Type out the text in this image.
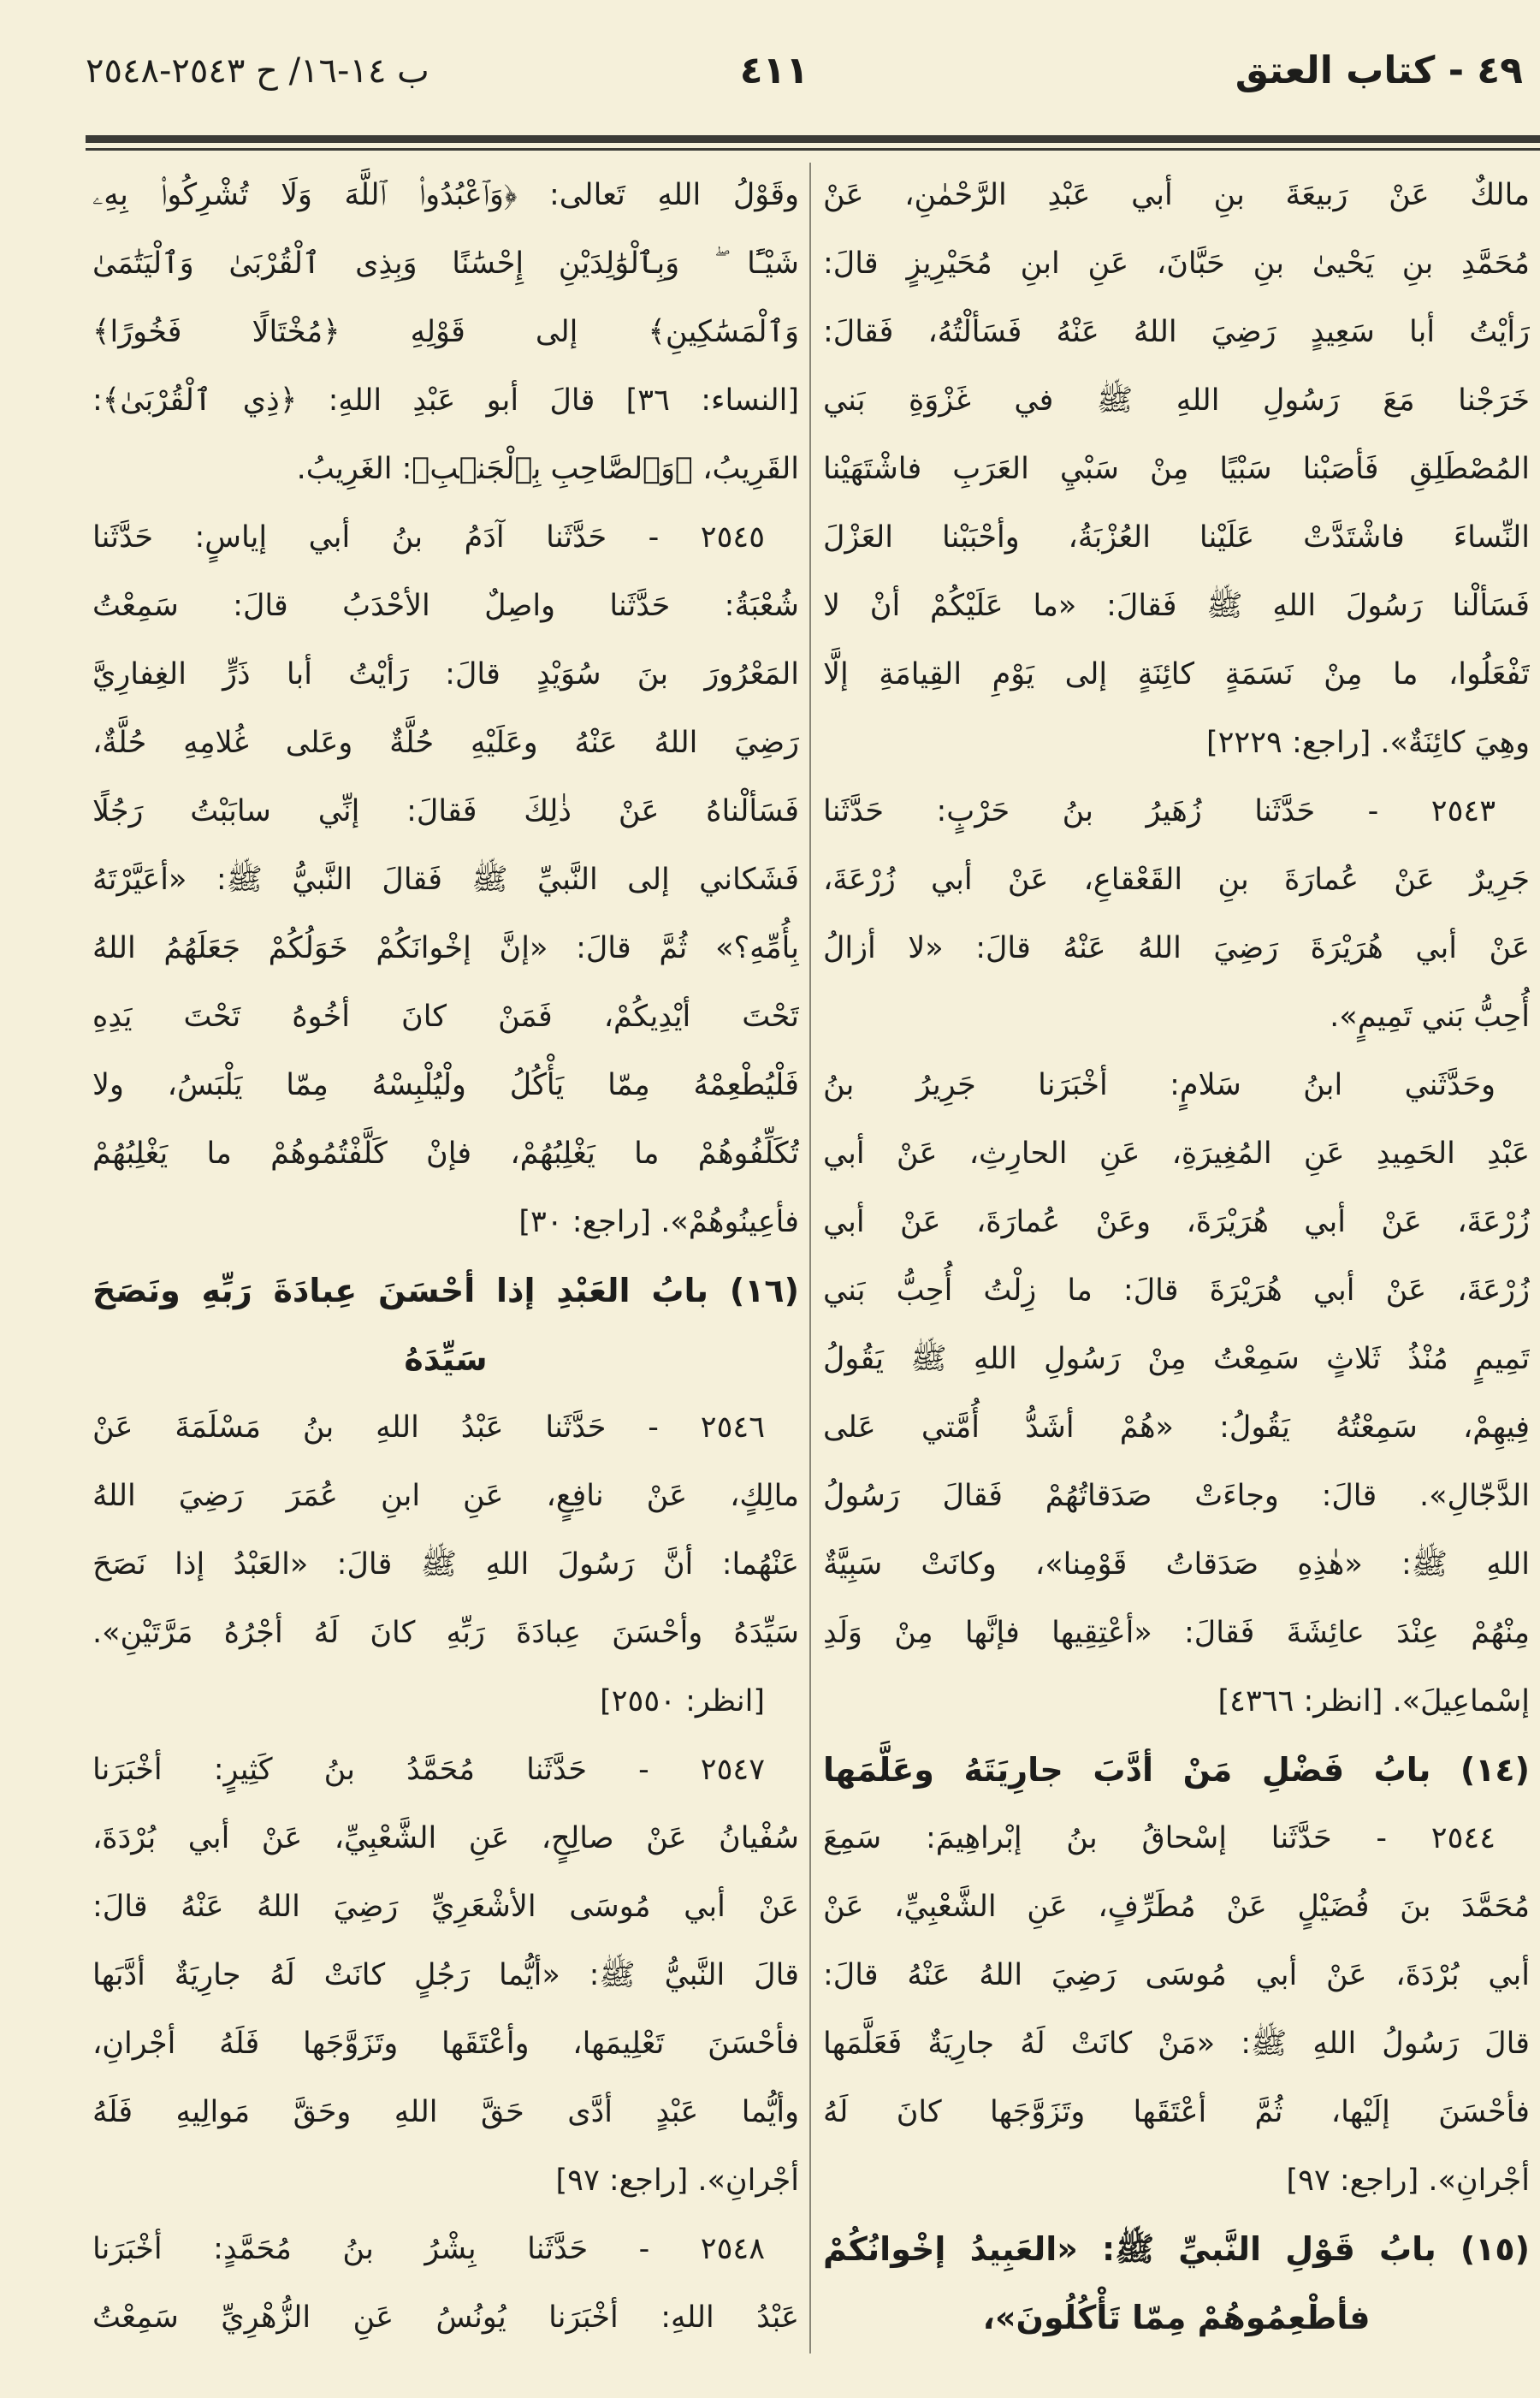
٤٩ - كتاب العتق
٤١١
ب ١٤-١٦/ ح ٢٥٤٣-٢٥٤٨
مالكٌ عَنْ رَبيعَةَ بنِ أبي عَبْدِ الرَّحْمٰنِ، عَنْ
مُحَمَّدِ بنِ يَحْيىٰ بنِ حَبَّانَ، عَنِ ابنِ مُحَيْرِيزٍ قالَ:
رَأيْتُ أبا سَعِيدٍ رَضِيَ اللهُ عَنْهُ فَسَألْتُهُ، فَقالَ:
خَرَجْنا مَعَ رَسُولِ اللهِ ﷺ في غَزْوَةِ بَني
المُصْطَلِقِ فَأصَبْنا سَبْيًا مِنْ سَبْيِ العَرَبِ فاشْتَهَيْنا
النِّساءَ فاشْتَدَّتْ عَلَيْنا العُزْبَةُ، وأحْبَبْنا العَزْلَ
فَسَألْنا رَسُولَ اللهِ ﷺ فَقالَ: «ما عَلَيْكُمْ أنْ لا
تَفْعَلُوا، ما مِنْ نَسَمَةٍ كائِنَةٍ إلى يَوْمِ القِيامَةِ إلَّا
وهِيَ كائِنَةٌ». [راجع: ٢٢٢٩]
٢٥٤٣ - حَدَّثَنا زُهَيرُ بنُ حَرْبٍ: حَدَّثَنا
جَرِيرٌ عَنْ عُمارَةَ بنِ القَعْقاعِ، عَنْ أبي زُرْعَةَ،
عَنْ أبي هُرَيْرَةَ رَضِيَ اللهُ عَنْهُ قالَ: «لا أزالُ
أُحِبُّ بَني تَمِيمٍ».
وحَدَّثَني ابنُ سَلامٍ: أخْبَرَنا جَرِيرُ بنُ
عَبْدِ الحَمِيدِ عَنِ المُغِيرَةِ، عَنِ الحارِثِ، عَنْ أبي
زُرْعَةَ، عَنْ أبي هُرَيْرَةَ، وعَنْ عُمارَةَ، عَنْ أبي
زُرْعَةَ، عَنْ أبي هُرَيْرَةَ قالَ: ما زِلْتُ أُحِبُّ بَني
تَمِيمٍ مُنْذُ ثَلاثٍ سَمِعْتُ مِنْ رَسُولِ اللهِ ﷺ يَقُولُ
فِيهِمْ، سَمِعْتُهُ يَقُولُ: «هُمْ أشَدُّ أُمَّتي عَلى
الدَّجّالِ». قالَ: وجاءَتْ صَدَقاتُهُمْ فَقالَ رَسُولُ
اللهِ ﷺ: «هٰذِهِ صَدَقاتُ قَوْمِنا»، وكانَتْ سَبِيَّةٌ
مِنْهُمْ عِنْدَ عائِشَةَ فَقالَ: «أعْتِقِيها فإنَّها مِنْ وَلَدِ
إسْماعِيلَ». [انظر: ٤٣٦٦]
(١٤) بابُ فَضْلِ مَنْ أدَّبَ جارِيَتَهُ وعَلَّمَها
٢٥٤٤ - حَدَّثَنا إسْحاقُ بنُ إبْراهِيمَ: سَمِعَ
مُحَمَّدَ بنَ فُضَيْلٍ عَنْ مُطَرِّفٍ، عَنِ الشَّعْبِيِّ، عَنْ
أبي بُرْدَةَ، عَنْ أبي مُوسَى رَضِيَ اللهُ عَنْهُ قالَ:
قالَ رَسُولُ اللهِ ﷺ: «مَنْ كانَتْ لَهُ جارِيَةٌ فَعَلَّمَها
فأحْسَنَ إلَيْها، ثُمَّ أعْتَقَها وتَزَوَّجَها كانَ لَهُ
أجْرانِ». [راجع: ٩٧]
(١٥) بابُ قَوْلِ النَّبيِّ ﷺ: «العَبِيدُ إخْوانُكُمْ
فأطْعِمُوهُمْ مِمّا تَأْكُلُونَ»،
وقَوْلُ اللهِ تَعالى: ﴿وَٱعْبُدُوا۟ ٱللَّهَ وَلَا تُشْرِكُوا۟ بِهِۦ
شَيْـًٔا ۖ وَبِٱلْوَٰلِدَيْنِ إِحْسَٰنًا وَبِذِى ٱلْقُرْبَىٰ وَٱلْيَتَٰمَىٰ
وَٱلْمَسَٰكِينِ﴾ إلى قَوْلِهِ ﴿مُخْتَالًا فَخُورًا﴾
[النساء: ٣٦] قالَ أبو عَبْدِ اللهِ: ﴿ذِي ٱلْقُرْبَىٰ﴾:
القَرِيبُ، ﴿وَٱلصَّاحِبِ بِٱلْجَنۢبِ﴾: الغَرِيبُ.
٢٥٤٥ - حَدَّثَنا آدَمُ بنُ أبي إياسٍ: حَدَّثَنا
شُعْبَةُ: حَدَّثَنا واصِلٌ الأحْدَبُ قالَ: سَمِعْتُ
المَعْرُورَ بنَ سُوَيْدٍ قالَ: رَأيْتُ أبا ذَرٍّ الغِفارِيَّ
رَضِيَ اللهُ عَنْهُ وعَلَيْهِ حُلَّةٌ وعَلى غُلامِهِ حُلَّةٌ،
فَسَألْناهُ عَنْ ذٰلِكَ فَقالَ: إنِّي سابَبْتُ رَجُلًا
فَشَكاني إلى النَّبيِّ ﷺ فَقالَ النَّبيُّ ﷺ: «أعَيَّرْتَهُ
بِأُمِّهِ؟» ثُمَّ قالَ: «إنَّ إخْوانَكُمْ خَوَلُكُمْ جَعَلَهُمُ اللهُ
تَحْتَ أيْدِيكُمْ، فَمَنْ كانَ أخُوهُ تَحْتَ يَدِهِ
فَلْيُطْعِمْهُ مِمّا يَأْكُلُ ولْيُلْبِسْهُ مِمّا يَلْبَسُ، ولا
تُكَلِّفُوهُمْ ما يَغْلِبُهُمْ، فإنْ كَلَّفْتُمُوهُمْ ما يَغْلِبُهُمْ
فأعِينُوهُمْ». [راجع: ٣٠]
(١٦) بابُ العَبْدِ إذا أحْسَنَ عِبادَةَ رَبِّهِ ونَصَحَ
سَيِّدَهُ
٢٥٤٦ - حَدَّثَنا عَبْدُ اللهِ بنُ مَسْلَمَةَ عَنْ
مالِكٍ، عَنْ نافِعٍ، عَنِ ابنِ عُمَرَ رَضِيَ اللهُ
عَنْهُما: أنَّ رَسُولَ اللهِ ﷺ قالَ: «العَبْدُ إذا نَصَحَ
سَيِّدَهُ وأحْسَنَ عِبادَةَ رَبِّهِ كانَ لَهُ أجْرُهُ مَرَّتَيْنِ».
[انظر: ٢٥٥٠]
٢٥٤٧ - حَدَّثَنا مُحَمَّدُ بنُ كَثِيرٍ: أخْبَرَنا
سُفْيانُ عَنْ صالِحٍ، عَنِ الشَّعْبِيِّ، عَنْ أبي بُرْدَةَ،
عَنْ أبي مُوسَى الأشْعَرِيِّ رَضِيَ اللهُ عَنْهُ قالَ:
قالَ النَّبيُّ ﷺ: «أيُّما رَجُلٍ كانَتْ لَهُ جارِيَةٌ أدَّبَها
فأحْسَنَ تَعْلِيمَها، وأعْتَقَها وتَزَوَّجَها فَلَهُ أجْرانِ،
وأيُّما عَبْدٍ أدَّى حَقَّ اللهِ وحَقَّ مَوالِيهِ فَلَهُ
أجْرانِ». [راجع: ٩٧]
٢٥٤٨ - حَدَّثَنا بِشْرُ بنُ مُحَمَّدٍ: أخْبَرَنا
عَبْدُ اللهِ: أخْبَرَنا يُونُسُ عَنِ الزُّهْرِيِّ سَمِعْتُ
